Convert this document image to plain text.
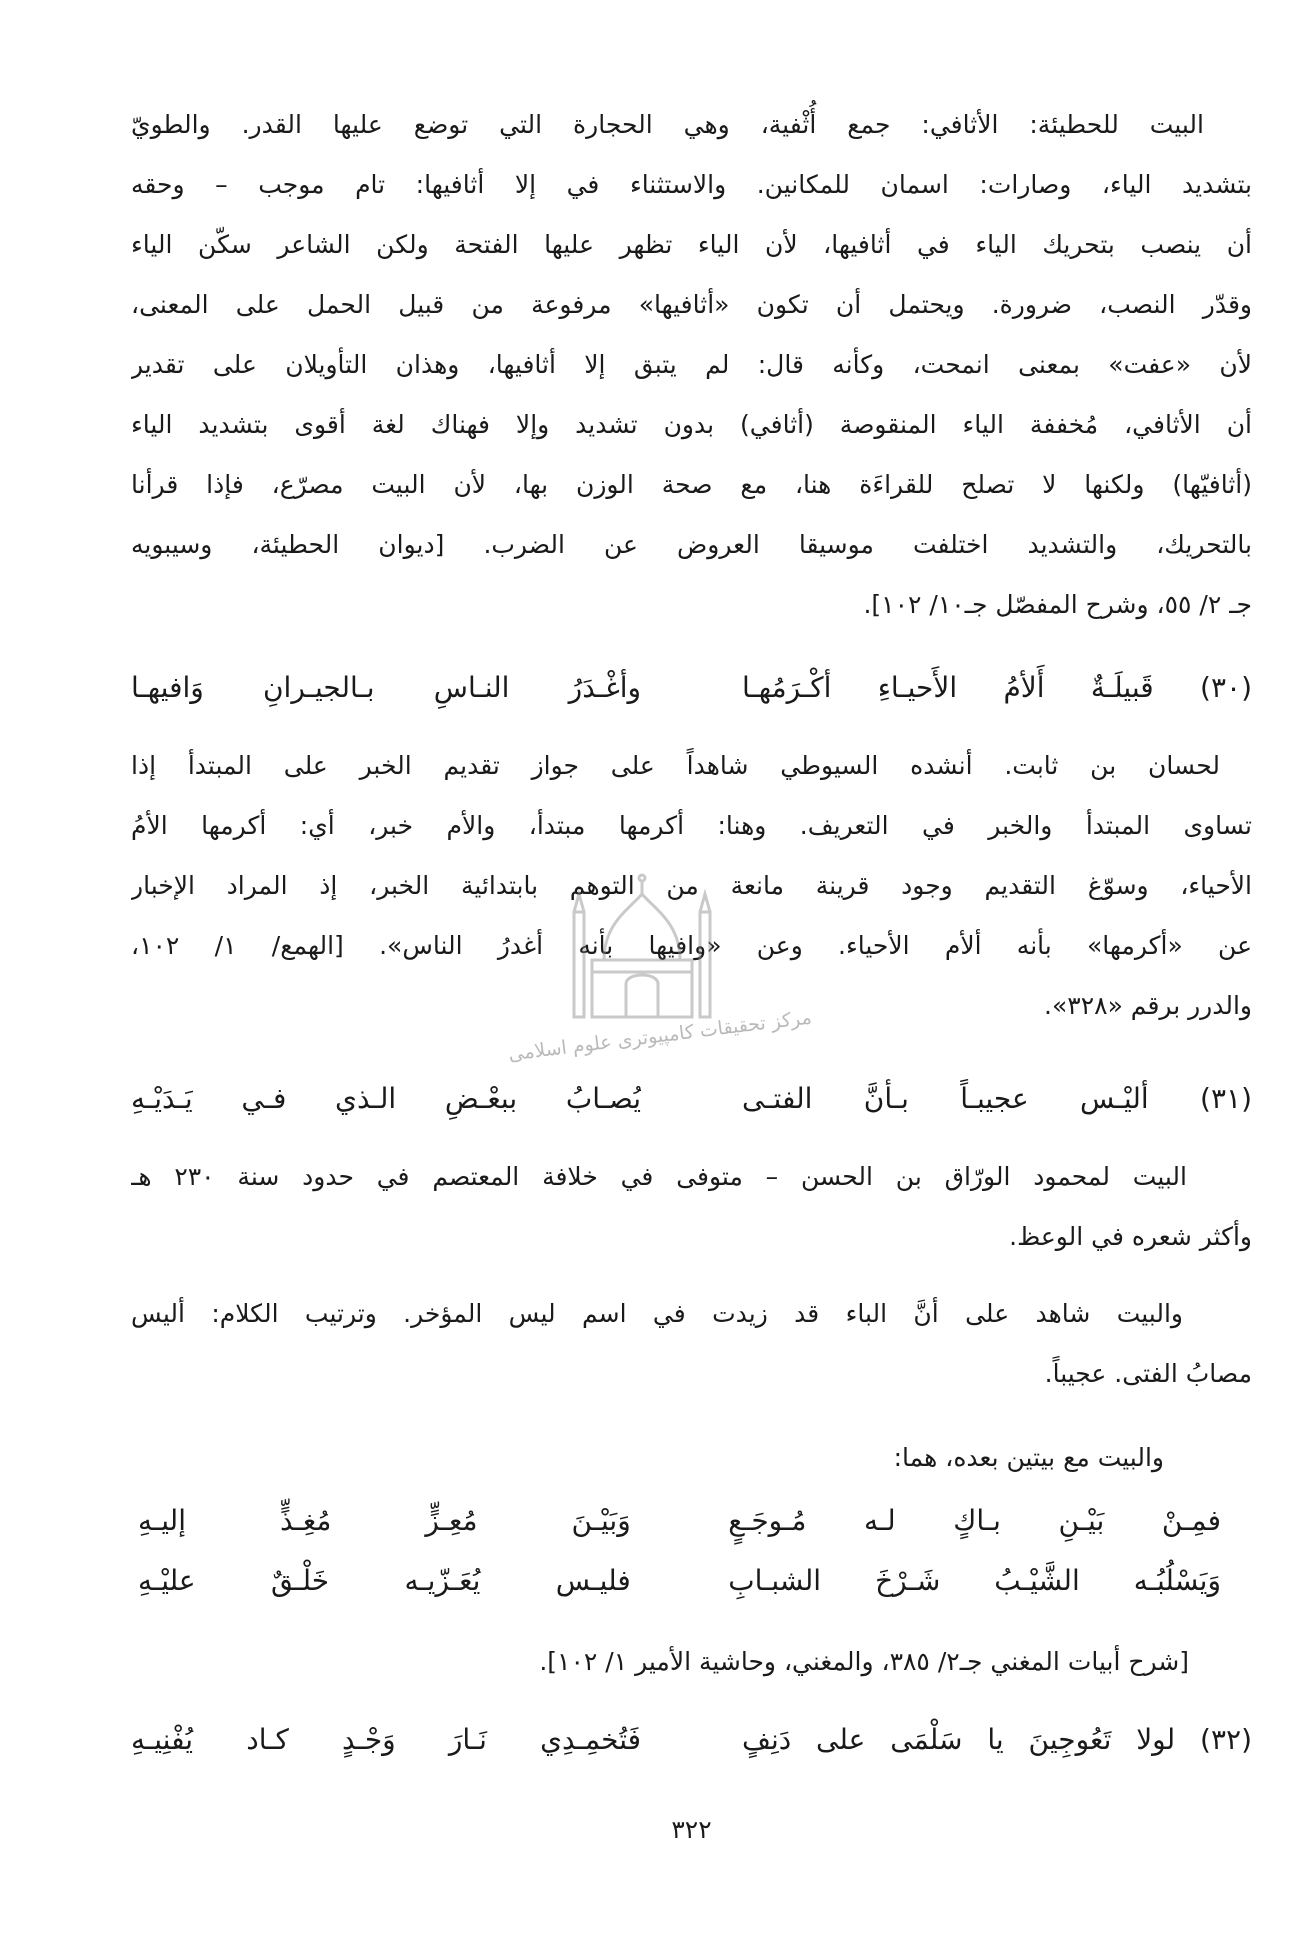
البيت للحطيئة: الأثافي: جمع أُثْفية، وهي الحجارة التي توضع عليها القدر. والطويّ
بتشديد الياء، وصارات: اسمان للمكانين. والاستثناء في إلا أثافيها: تام موجب – وحقه
أن ينصب بتحريك الياء في أثافيها، لأن الياء تظهر عليها الفتحة ولكن الشاعر سكّن الياء
وقدّر النصب، ضرورة. ويحتمل أن تكون «أثافيها» مرفوعة من قبيل الحمل على المعنى،
لأن «عفت» بمعنى انمحت، وكأنه قال: لم يتبق إلا أثافيها، وهذان التأويلان على تقدير
أن الأثافي، مُخففة الياء المنقوصة (أثافي) بدون تشديد وإلا فهناك لغة أقوى بتشديد الياء
(أثافيّها) ولكنها لا تصلح للقراءَة هنا، مع صحة الوزن بها، لأن البيت مصرّع، فإذا قرأنا
بالتحريك، والتشديد اختلفت موسيقا العروض عن الضرب. [ديوان الحطيئة، وسيبويه
جـ ٢/ ٥٥، وشرح المفصّل جـ١٠/ ١٠٢].
(٣٠) قَبيلَـةٌ أَلأمُ الأَحيـاءِ أكْـرَمُهـا
وأغْـدَرُ النـاسِ بـالجيـرانِ وَافيهـا
لحسان بن ثابت. أنشده السيوطي شاهداً على جواز تقديم الخبر على المبتدأ إذا
تساوى المبتدأ والخبر في التعريف. وهنا: أكرمها مبتدأ، والأم خبر، أي: أكرمها الأمُ
الأحياء، وسوّغ التقديم وجود قرينة مانعة من التوهم بابتدائية الخبر، إذ المراد الإخبار
عن «أكرمها» بأنه ألأم الأحياء. وعن «وافيها بأنه أغدرُ الناس». [الهمع/ ١/ ١٠٢،
والدرر برقم «٣٢٨».
(٣١) أليْـس عجيبـاً بـأنَّ الفتـى
يُصـابُ ببعْـضِ الـذي فـي يَـدَيْـهِ
البيت لمحمود الورّاق بن الحسن – متوفى في خلافة المعتصم في حدود سنة ٢٣٠ هـ
وأكثر شعره في الوعظ.
والبيت شاهد على أنَّ الباء قد زيدت في اسم ليس المؤخر. وترتيب الكلام: أليس
مصابُ الفتى. عجيباً.
والبيت مع بيتين بعده، هما:
فمِـنْ بَيْـنِ بـاكٍ لـه مُـوجَـعٍ
وَبَيْـنَ مُعِـزٍّ مُغِـذٍّ إليـهِ
وَيَسْلُبُـه الشَّيْـبُ شَـرْخَ الشبـابِ
فليـس يُعَـزّيـه خَلْـقٌ عليْـهِ
[شرح أبيات المغني جـ٢/ ٣٨٥، والمغني، وحاشية الأمير ١/ ١٠٢].
(٣٢) لولا تَعُوجِينَ يا سَلْمَى على دَنِفٍ
فَتُخمِـدِي نَـارَ وَجْـدٍ كـاد يُفْنِيـهِ
٣٢٢
مرکز تحقیقات کامپیوتری علوم اسلامی
